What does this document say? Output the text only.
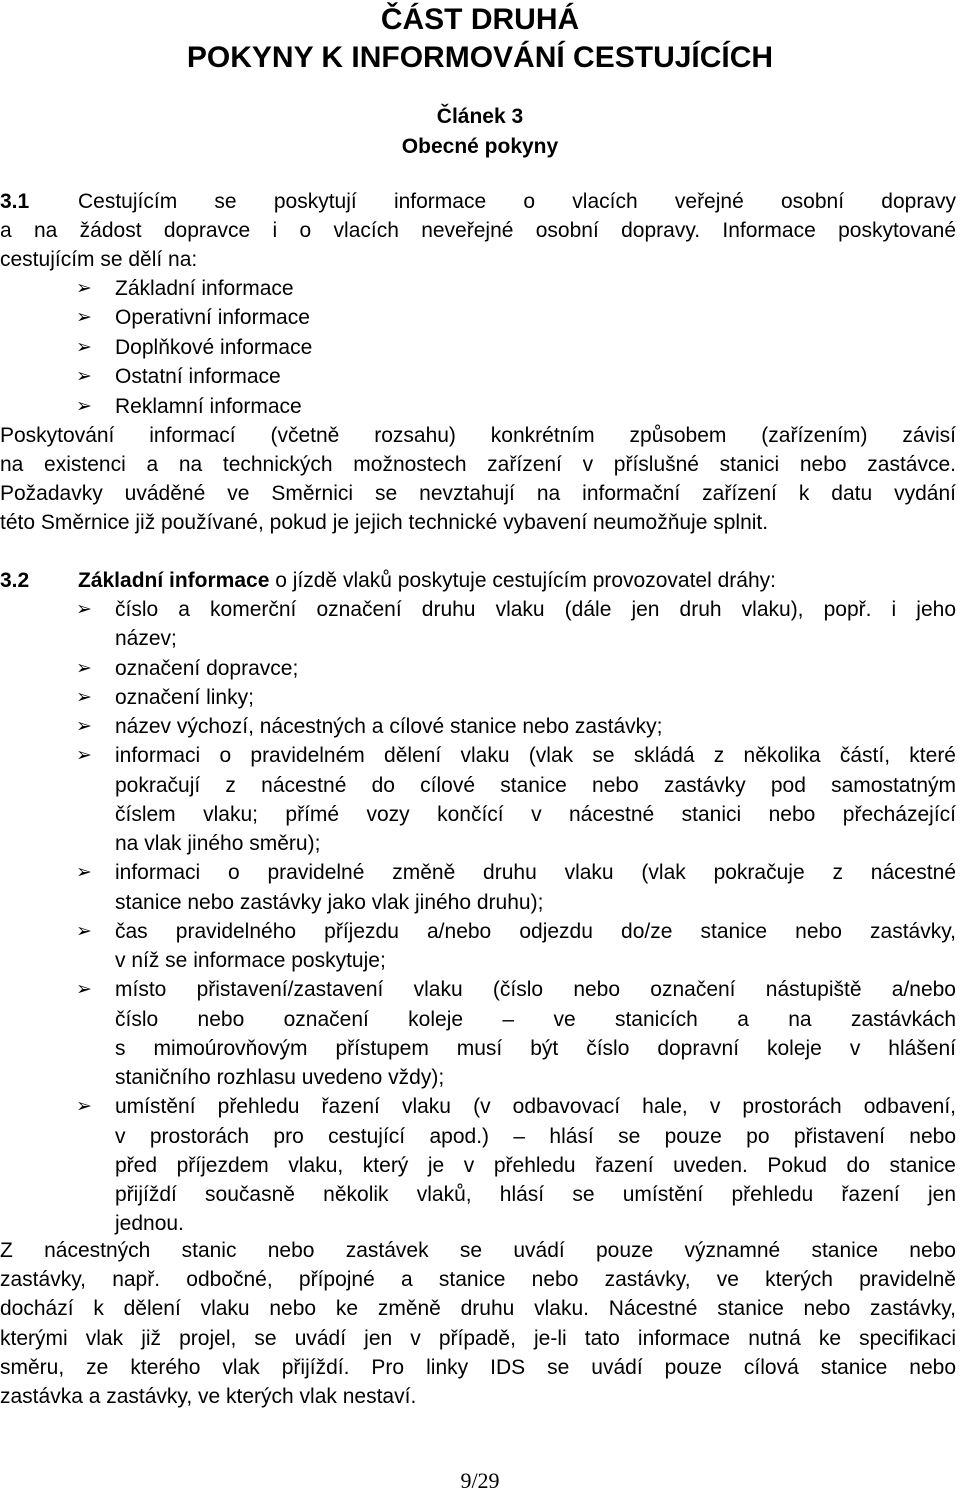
ČÁST DRUHÁ
POKYNY K INFORMOVÁNÍ CESTUJÍCÍCH
Článek 3
Obecné pokyny
3.1 Cestujícím se poskytují informace o vlacích veřejné osobní dopravy
a na žádost dopravce i o vlacích neveřejné osobní dopravy. Informace poskytované
cestujícím se dělí na:
➢ Základní informace
➢ Operativní informace
➢ Doplňkové informace
➢ Ostatní informace
➢ Reklamní informace
Poskytování informací (včetně rozsahu) konkrétním způsobem (zařízením) závisí
na existenci a na technických možnostech zařízení v příslušné stanici nebo zastávce.
Požadavky uváděné ve Směrnici se nevztahují na informační zařízení k datu vydání
této Směrnice již používané, pokud je jejich technické vybavení neumožňuje splnit.
3.2 Základní informace o jízdě vlaků poskytuje cestujícím provozovatel dráhy:
➢ číslo a komerční označení druhu vlaku (dále jen druh vlaku), popř. i jeho
název;
➢ označení dopravce;
➢ označení linky;
➢ název výchozí, nácestných a cílové stanice nebo zastávky;
➢ informaci o pravidelném dělení vlaku (vlak se skládá z několika částí, které
pokračují z nácestné do cílové stanice nebo zastávky pod samostatným
číslem vlaku; přímé vozy končící v nácestné stanici nebo přecházející
na vlak jiného směru);
➢ informaci o pravidelné změně druhu vlaku (vlak pokračuje z nácestné
stanice nebo zastávky jako vlak jiného druhu);
➢ čas pravidelného příjezdu a/nebo odjezdu do/ze stanice nebo zastávky,
v níž se informace poskytuje;
➢ místo přistavení/zastavení vlaku (číslo nebo označení nástupiště a/nebo
číslo nebo označení koleje – ve stanicích a na zastávkách
s mimoúrovňovým přístupem musí být číslo dopravní koleje v hlášení
staničního rozhlasu uvedeno vždy);
➢ umístění přehledu řazení vlaku (v odbavovací hale, v prostorách odbavení,
v prostorách pro cestující apod.) – hlásí se pouze po přistavení nebo
před příjezdem vlaku, který je v přehledu řazení uveden. Pokud do stanice
přijíždí současně několik vlaků, hlásí se umístění přehledu řazení jen
jednou.
Z nácestných stanic nebo zastávek se uvádí pouze významné stanice nebo
zastávky, např. odbočné, přípojné a stanice nebo zastávky, ve kterých pravidelně
dochází k dělení vlaku nebo ke změně druhu vlaku. Nácestné stanice nebo zastávky,
kterými vlak již projel, se uvádí jen v případě, je-li tato informace nutná ke specifikaci
směru, ze kterého vlak přijíždí. Pro linky IDS se uvádí pouze cílová stanice nebo
zastávka a zastávky, ve kterých vlak nestaví.
9/29
